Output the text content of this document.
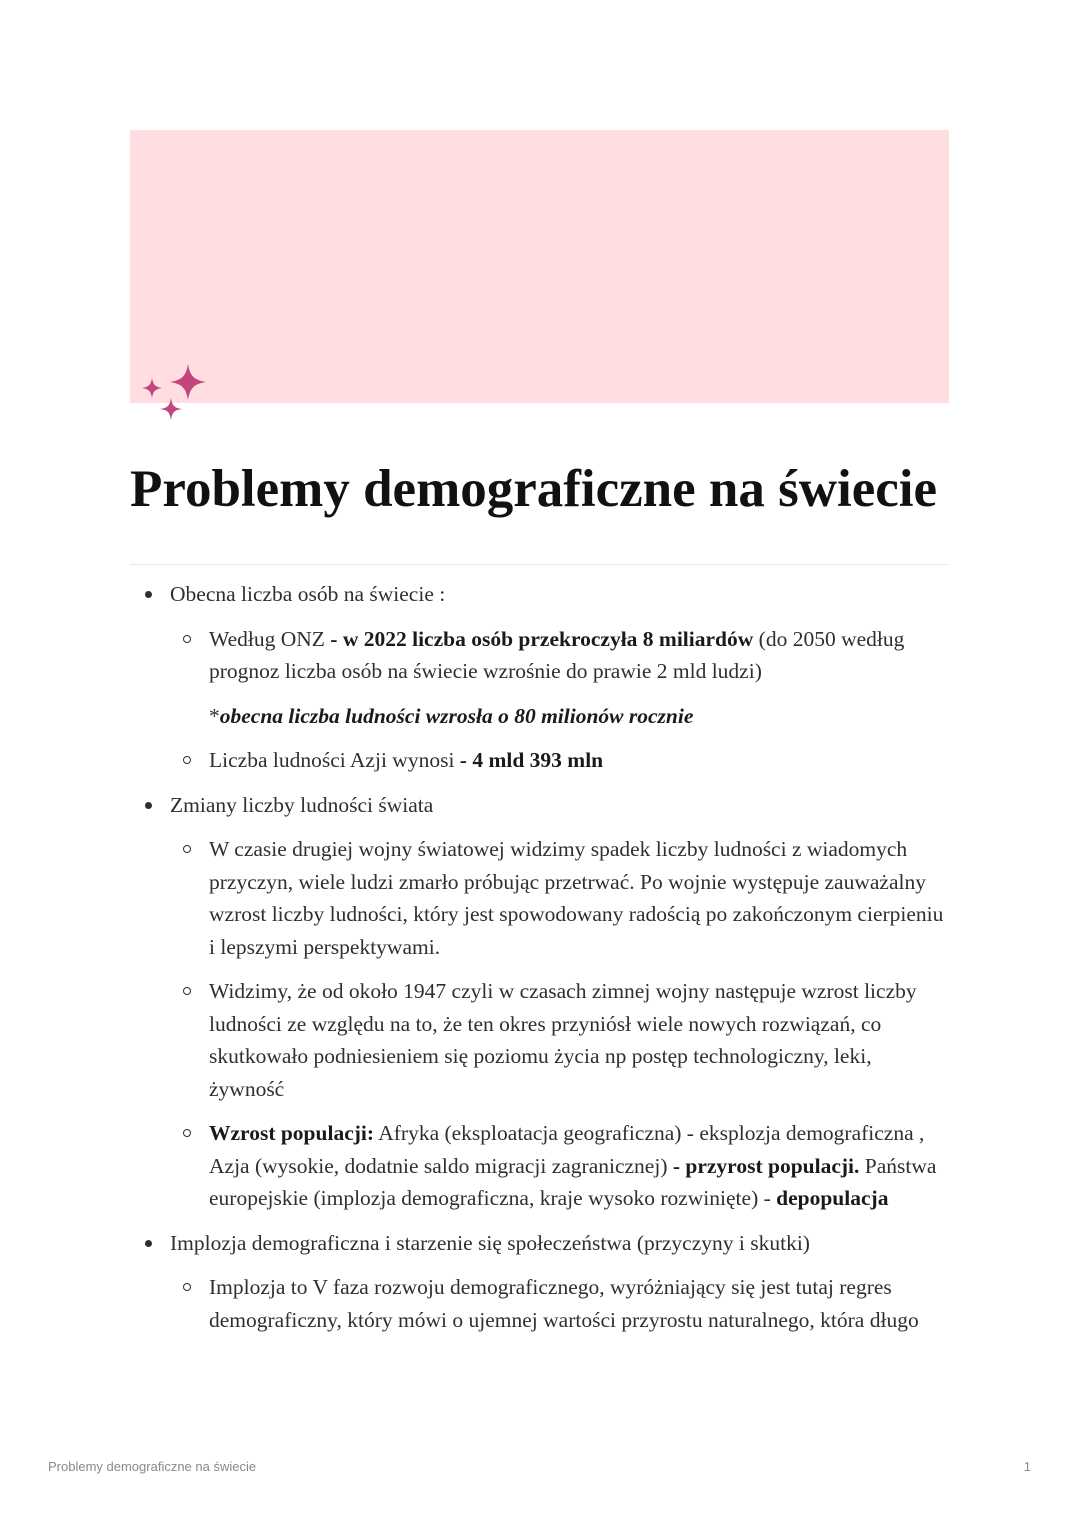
Problemy demograficzne na świecie
Obecna liczba osób na świecie :
Według ONZ - w 2022 liczba osób przekroczyła 8 miliardów (do 2050 według prognoz liczba osób na świecie wzrośnie do prawie 2 mld ludzi)
*obecna liczba ludności wzrosła o 80 milionów rocznie
Liczba ludności Azji wynosi - 4 mld 393 mln
Zmiany liczby ludności świata
W czasie drugiej wojny światowej widzimy spadek liczby ludności z wiadomych przyczyn, wiele ludzi zmarło próbując przetrwać. Po wojnie występuje zauważalny wzrost liczby ludności, który jest spowodowany radością po zakończonym cierpieniu i lepszymi perspektywami.
Widzimy, że od około 1947 czyli w czasach zimnej wojny następuje wzrost liczby ludności ze względu na to, że ten okres przyniósł wiele nowych rozwiązań, co skutkowało podniesieniem się poziomu życia np postęp technologiczny, leki, żywność
Wzrost populacji: Afryka (eksploatacja geograficzna) - eksplozja demograficzna , Azja (wysokie, dodatnie saldo migracji zagranicznej) - przyrost populacji. Państwa europejskie (implozja demograficzna, kraje wysoko rozwinięte) - depopulacja
Implozja demograficzna i starzenie się społeczeństwa (przyczyny i skutki)
Implozja to V faza rozwoju demograficznego, wyróżniający się jest tutaj regres demograficzny, który mówi o ujemnej wartości przyrostu naturalnego, która długo
Problemy demograficzne na świecie	1
